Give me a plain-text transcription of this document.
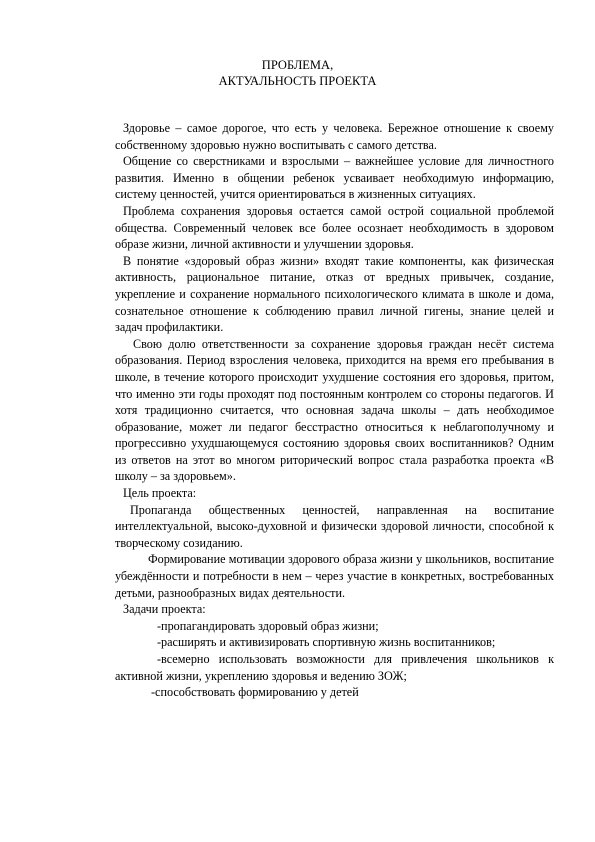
ПРОБЛЕМА,
АКТУАЛЬНОСТЬ ПРОЕКТА

Здоровье – самое дорогое, что есть у человека. Бережное отношение к своему собственному здоровью нужно воспитывать с самого детства.

Общение со сверстниками и взрослыми – важнейшее условие для личностного развития. Именно в общении ребенок усваивает необходимую информацию, систему ценностей, учится ориентироваться в жизненных ситуациях.

Проблема сохранения здоровья остается самой острой социальной проблемой общества. Современный человек все более осознает необходимость в здоровом образе жизни, личной активности и улучшении здоровья.

В понятие «здоровый образ жизни» входят такие компоненты, как физическая активность, рациональное питание, отказ от вредных привычек, создание, укрепление и сохранение нормального психологического климата в школе и дома, сознательное отношение к соблюдению правил личной гигены, знание целей и задач профилактики.

Свою долю ответственности за сохранение здоровья граждан несёт система образования. Период взросления человека, приходится на время его пребывания в школе, в течение которого происходит ухудшение состояния его здоровья, притом, что именно эти годы проходят под постоянным контролем со стороны педагогов. И хотя традиционно считается, что основная задача школы – дать необходимое образование, может ли педагог бесстрастно относиться к неблагополучному и прогрессивно ухудшающемуся состоянию здоровья своих воспитанников? Одним из ответов на этот во многом риторический вопрос стала разработка проекта «В школу – за здоровьем».

Цель проекта:

Пропаганда общественных ценностей, направленная на воспитание интеллектуальной, высоко-духовной и физически здоровой личности, способной к творческому созиданию.

Формирование мотивации здорового образа жизни у школьников, воспитание убеждённости и потребности в нем – через участие в конкретных, востребованных детьми, разнообразных видах деятельности.

Задачи проекта:

-пропагандировать здоровый образ жизни;

-расширять и активизировать спортивную жизнь воспитанников;

-всемерно использовать возможности для привлечения школьников к активной жизни, укреплению здоровья и ведению ЗОЖ;

-способствовать формированию у детей
